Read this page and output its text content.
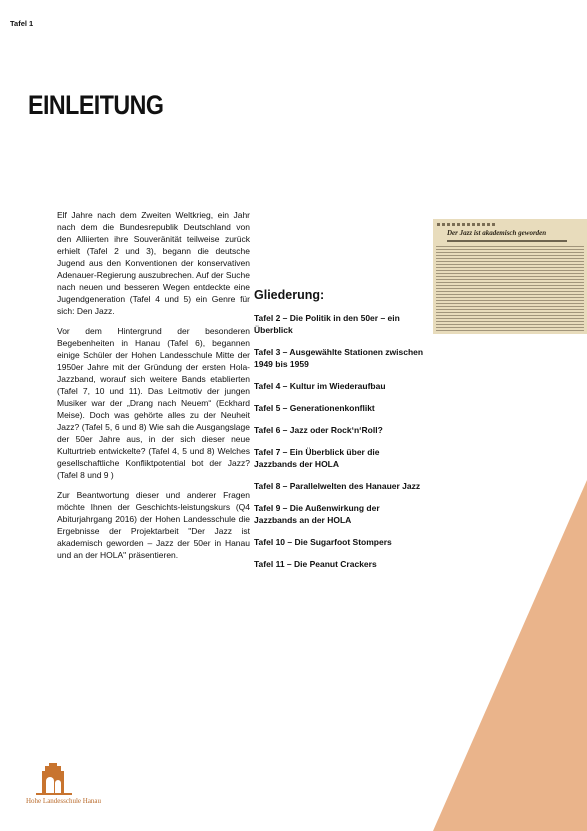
Tafel 1
EINLEITUNG

Elf Jahre nach dem Zweiten Weltkrieg, ein Jahr nach dem die Bundesrepublik Deutschland von den Alliierten ihre Souveränität teilweise zurück erhielt (Tafel 2 und 3), begann die deutsche Jugend aus den Konventionen der konservativen Adenauer-Regierung auszubrechen. Auf der Suche nach neuen und besseren Wegen entdeckte eine Jugendgeneration (Tafel 4 und 5) ein Genre für sich: Den Jazz.

Vor dem Hintergrund der besonderen Begebenheiten in Hanau (Tafel 6), begannen einige Schüler der Hohen Landesschule Mitte der 1950er Jahre mit der Gründung der ersten Hola-Jazzband, worauf sich weitere Bands etablierten (Tafel 7, 10 und 11). Das Leitmotiv der jungen Musiker war der „Drang nach Neuem“ (Eckhard Meise). Doch was gehörte alles zu der Neuheit Jazz? (Tafel 5, 6 und 8) Wie sah die Ausgangslage der 50er Jahre aus, in der sich dieser neue Kulturtrieb entwickelte? (Tafel 4, 5 und 8) Welches gesellschaftliche Konfliktpotential bot der Jazz? (Tafel 8 und 9 )

Zur Beantwortung dieser und anderer Fragen möchte Ihnen der Geschichts-leistungskurs (Q4 Abiturjahrgang 2016) der Hohen Landesschule die Ergebnisse der Projektarbeit "Der Jazz ist akademisch geworden – Jazz der 50er in Hanau und an der HOLA" präsentieren.

Der Jazz ist akademisch geworden
Gliederung:
Tafel 2 – Die Politik in den 50er – ein Überblick
Tafel 3 – Ausgewählte Stationen zwischen 1949 bis 1959
Tafel 4 – Kultur im Wiederaufbau
Tafel 5 – Generationenkonflikt
Tafel 6 – Jazz oder Rock‘n‘Roll?
Tafel 7 – Ein Überblick über die Jazzbands der HOLA
Tafel 8 – Parallelwelten des Hanauer Jazz
Tafel 9 – Die Außenwirkung der Jazzbands an der HOLA
Tafel 10 – Die Sugarfoot Stompers
Tafel 11 – Die Peanut Crackers
Hohe Landesschule Hanau
